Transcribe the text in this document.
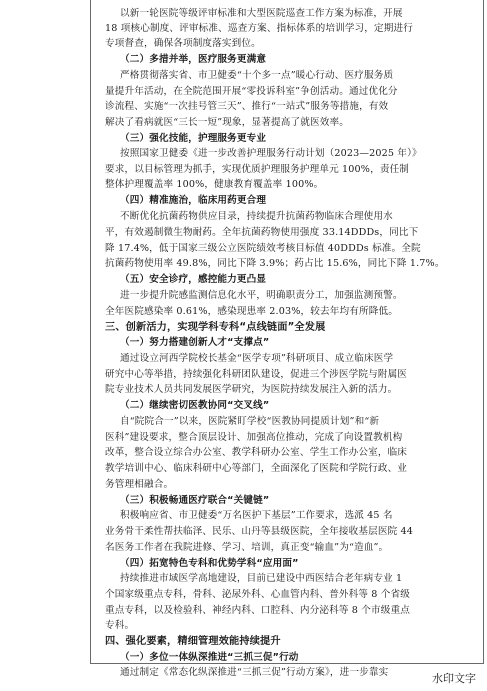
以新一轮医院等级评审标准和大型医院巡查工作方案为标准，开展
18 项核心制度、评审标准、巡查方案、指标体系的培训学习，定期进行
专项督查，确保各项制度落实到位。
（二）多措并举，医疗服务更满意
严格贯彻落实省、市卫健委“十个多一点”暖心行动、医疗服务质
量提升年活动，在全院范围开展“零投诉科室”争创活动。通过优化分
诊流程、实施“一次挂号管三天”、推行“一站式”服务等措施，有效
解决了看病就医“三长一短”现象，显著提高了就医效率。
（三）强化技能，护理服务更专业
按照国家卫健委《进一步改善护理服务行动计划（2023—2025 年）》
要求，以目标管理为抓手，实现优质护理服务护理单元 100%，责任制
整体护理覆盖率 100%，健康教育覆盖率 100%。
（四）精准施治，临床用药更合理
不断优化抗菌药物供应目录，持续提升抗菌药物临床合理使用水
平，有效遏制微生物耐药。全年抗菌药物使用强度 33.14DDDs，同比下
降 17.4%，低于国家三级公立医院绩效考核目标值 40DDDs 标准。全院
抗菌药物使用率 49.8%，同比下降 3.9%；药占比 15.6%，同比下降 1.7%。
（五）安全诊疗，感控能力更凸显
进一步提升院感监测信息化水平，明确职责分工，加强监测预警。
全年医院感染率 0.61%，感染现患率 2.03%，较去年均有所降低。
三、创新活力，实现学科专科“点线链面”全发展
（一）努力搭建创新人才“支撑点”
通过设立河西学院校长基金“医学专项”科研项目、成立临床医学
研究中心等举措，持续强化科研团队建设，促进三个涉医学院与附属医
院专业技术人员共同发展医学研究，为医院持续发展注入新的活力。
（二）继续密切医教协同“交叉线”
自“院院合一”以来，医院紧盯学校“医教协同提质计划”和“新
医科”建设要求，整合顶层设计、加强高位推动，完成了向设置教机构
改革，整合设立综合办公室、教学科研办公室、学生工作办公室，临床
教学培训中心、临床科研中心等部门，全面深化了医院和学院行政、业
务管理相融合。
（三）积极畅通医疗联合“关键链”
积极响应省、市卫健委“万名医护下基层”工作要求，选派 45 名
业务骨干柔性帮扶临泽、民乐、山丹等县级医院，全年接收基层医院 44
名医务工作者在我院进修、学习、培训，真正变“输血”为“造血”。
（四）拓宽特色专科和优势学科“应用面”
持续推进市域医学高地建设，目前已建设中西医结合老年病专业 1
个国家级重点专科，骨科、泌尿外科、心血管内科、普外科等 8 个省级
重点专科，以及检验科、神经内科、口腔科、内分泌科等 8 个市级重点
专科。
四、强化要素，精细管理效能持续提升
（一）多位一体纵深推进“三抓三促”行动
通过制定《常态化纵深推进“三抓三促”行动方案》，进一步靠实	水印文字
